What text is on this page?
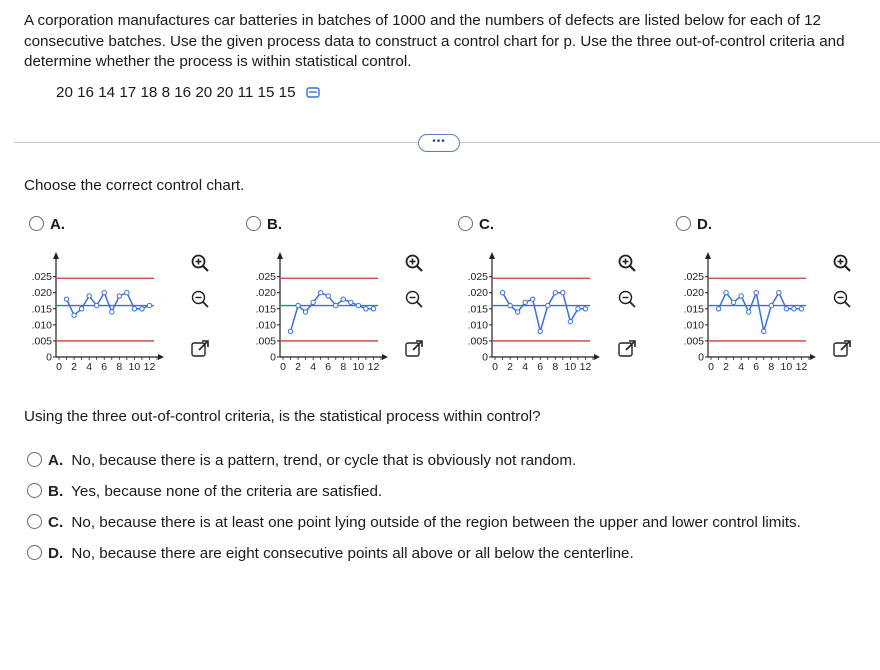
A corporation manufactures car batteries in batches of 1000 and the numbers of defects are listed below for each of 12 consecutive batches. Use the given process data to construct a control chart for p. Use the three out-of-control criteria and determine whether the process is within statistical control.
20 16 14 17 18 8 16 20 20 11 15 15
•••
Choose the correct control chart.
A.	B.	C.	D.
.025
.020
.015
.010
.005
0
0 2 4 6 8 10 12
.025
.020
.015
.010
.005
0
0 2 4 6 8 10 12
.025
.020
.015
.010
.005
0
0 2 4 6 8 10 12
.025
.020
.015
.010
.005
0
0 2 4 6 8 10 12
Using the three out-of-control criteria, is the statistical process within control?
A. No, because there is a pattern, trend, or cycle that is obviously not random.
B. Yes, because none of the criteria are satisfied.
C. No, because there is at least one point lying outside of the region between the upper and lower control limits.
D. No, because there are eight consecutive points all above or all below the centerline.
